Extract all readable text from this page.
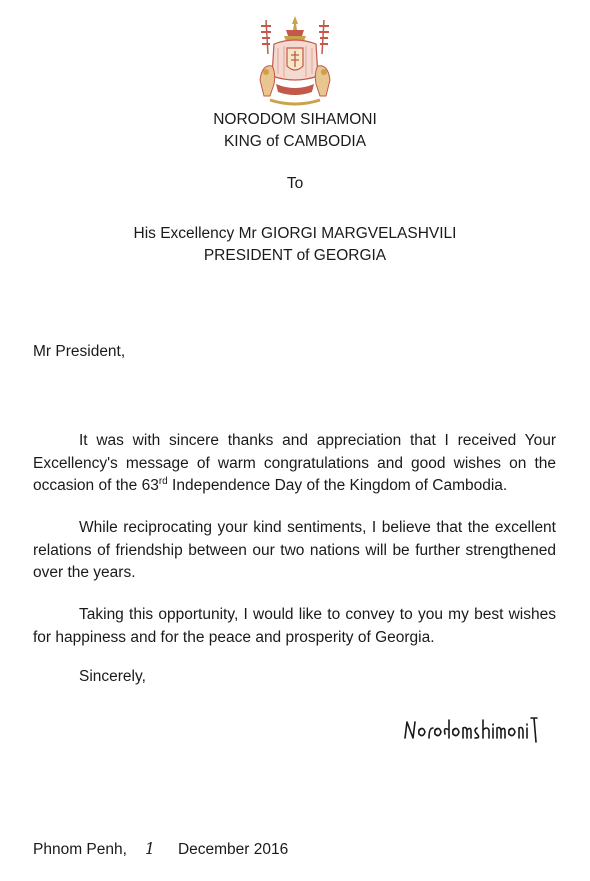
NORODOM SIHAMONI
KING of CAMBODIA
To
His Excellency Mr GIORGI MARGVELASHVILI
PRESIDENT of GEORGIA
Mr President,

It was with sincere thanks and appreciation that I received Your Excellency's message of warm congratulations and good wishes on the occasion of the 63rd Independence Day of the Kingdom of Cambodia.

While reciprocating your kind sentiments, I believe that the excellent relations of friendship between our two nations will be further strengthened over the years.

Taking this opportunity, I would like to convey to you my best wishes for happiness and for the peace and prosperity of Georgia.

Sincerely,
Phnom Penh, 1 December 2016
